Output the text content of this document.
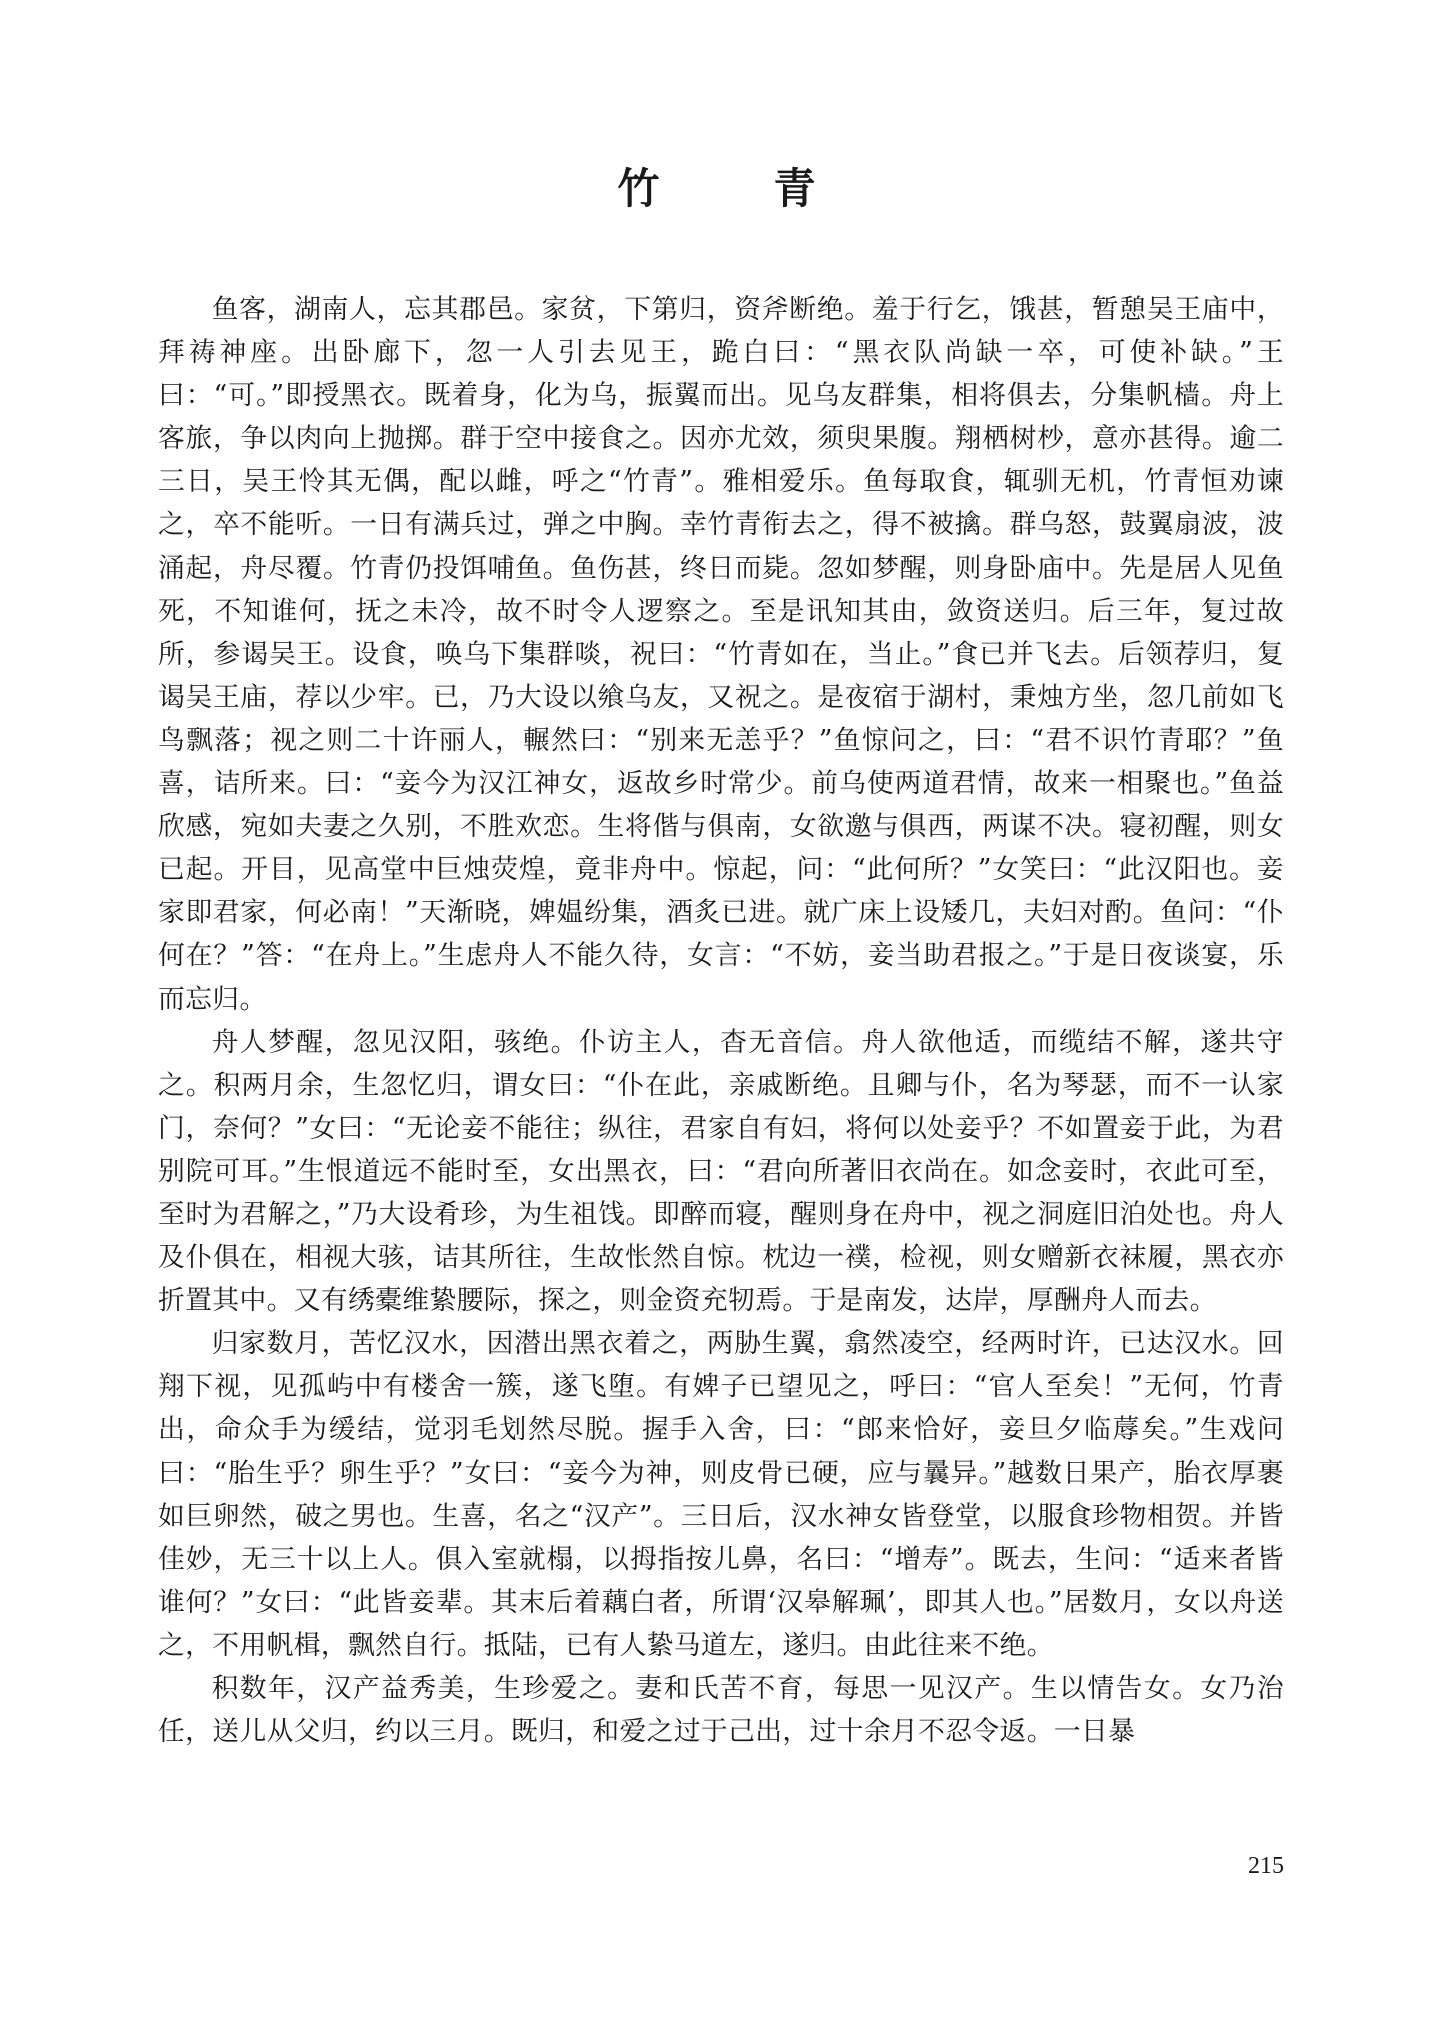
竹　青

鱼客，湖南人，忘其郡邑。家贫，下第归，资斧断绝。羞于行乞，饿甚，暂憩吴王庙中，拜祷神座。出卧廊下，忽一人引去见王，跪白曰：“黑衣队尚缺一卒，可使补缺。”王曰：“可。”即授黑衣。既着身，化为乌，振翼而出。见乌友群集，相将俱去，分集帆樯。舟上客旅，争以肉向上抛掷。群于空中接食之。因亦尤效，须臾果腹。翔栖树杪，意亦甚得。逾二三日，吴王怜其无偶，配以雌，呼之“竹青”。雅相爱乐。鱼每取食，辄驯无机，竹青恒劝谏之，卒不能听。一日有满兵过，弹之中胸。幸竹青衔去之，得不被擒。群乌怒，鼓翼扇波，波涌起，舟尽覆。竹青仍投饵哺鱼。鱼伤甚，终日而毙。忽如梦醒，则身卧庙中。先是居人见鱼死，不知谁何，抚之未冷，故不时令人逻察之。至是讯知其由，敛资送归。后三年，复过故所，参谒吴王。设食，唤乌下集群啖，祝曰：“竹青如在，当止。”食已并飞去。后领荐归，复谒吴王庙，荐以少牢。已，乃大设以飨乌友，又祝之。是夜宿于湖村，秉烛方坐，忽几前如飞鸟飘落；视之则二十许丽人，輾然曰：“别来无恙乎？”鱼惊问之，曰：“君不识竹青耶？”鱼喜，诘所来。曰：“妾今为汉江神女，返故乡时常少。前乌使两道君情，故来一相聚也。”鱼益欣感，宛如夫妻之久别，不胜欢恋。生将偕与俱南，女欲邀与俱西，两谋不决。寝初醒，则女已起。开目，见高堂中巨烛荧煌，竟非舟中。惊起，问：“此何所？”女笑曰：“此汉阳也。妾家即君家，何必南！”天渐晓，婢媪纷集，酒炙已进。就广床上设矮几，夫妇对酌。鱼问：“仆何在？”答：“在舟上。”生虑舟人不能久待，女言：“不妨，妾当助君报之。”于是日夜谈宴，乐而忘归。

舟人梦醒，忽见汉阳，骇绝。仆访主人，杳无音信。舟人欲他适，而缆结不解，遂共守之。积两月余，生忽忆归，谓女曰：“仆在此，亲戚断绝。且卿与仆，名为琴瑟，而不一认家门，奈何？”女曰：“无论妾不能往；纵往，君家自有妇，将何以处妾乎？不如置妾于此，为君别院可耳。”生恨道远不能时至，女出黑衣，曰：“君向所著旧衣尚在。如念妾时，衣此可至，至时为君解之，”乃大设肴珍，为生祖饯。即醉而寝，醒则身在舟中，视之洞庭旧泊处也。舟人及仆俱在，相视大骇，诘其所往，生故怅然自惊。枕边一襆，检视，则女赠新衣袜履，黑衣亦折置其中。又有绣橐维絷腰际，探之，则金资充牣焉。于是南发，达岸，厚酬舟人而去。

归家数月，苦忆汉水，因潜出黑衣着之，两胁生翼，翕然凌空，经两时许，已达汉水。回翔下视，见孤屿中有楼舍一簇，遂飞堕。有婢子已望见之，呼曰：“官人至矣！”无何，竹青出，命众手为缓结，觉羽毛划然尽脱。握手入舍，曰：“郎来恰好，妾旦夕临蓐矣。”生戏问曰：“胎生乎？卵生乎？”女曰：“妾今为神，则皮骨已硬，应与曩异。”越数日果产，胎衣厚裹如巨卵然，破之男也。生喜，名之“汉产”。三日后，汉水神女皆登堂，以服食珍物相贺。并皆佳妙，无三十以上人。俱入室就榻，以拇指按儿鼻，名曰：“增寿”。既去，生问：“适来者皆谁何？”女曰：“此皆妾辈。其末后着藕白者，所谓‘汉皋解珮’，即其人也。”居数月，女以舟送之，不用帆楫，飘然自行。抵陆，已有人絷马道左，遂归。由此往来不绝。

积数年，汉产益秀美，生珍爱之。妻和氏苦不育，每思一见汉产。生以情告女。女乃治任，送儿从父归，约以三月。既归，和爱之过于己出，过十余月不忍令返。一日暴

215
